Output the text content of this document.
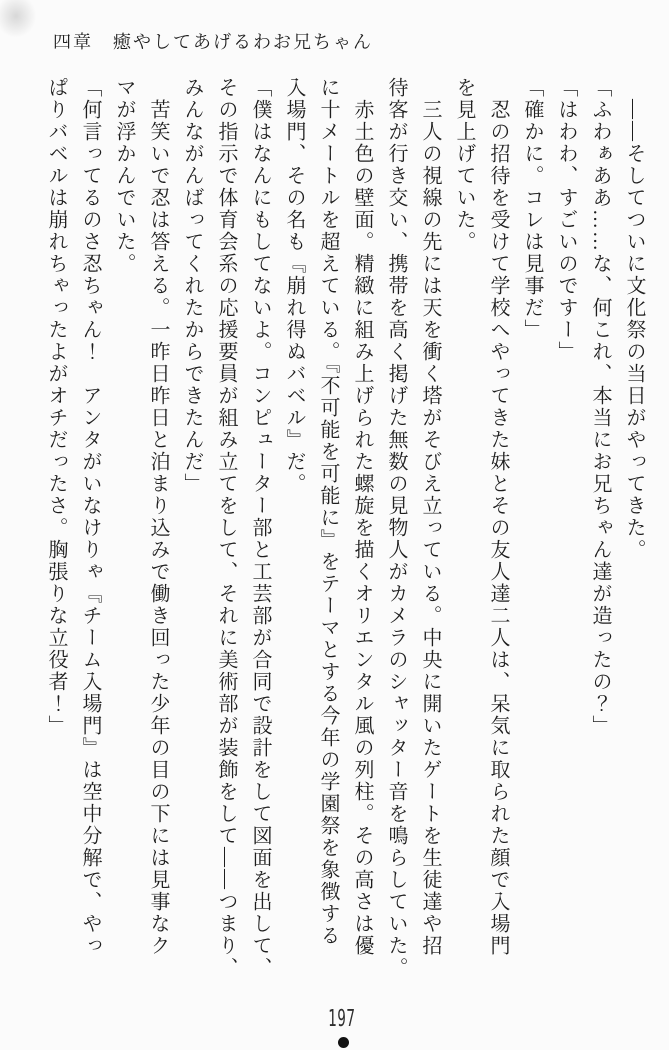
四章　癒やしてあげるわお兄ちゃん
　――そしてついに文化祭の当日がやってきた。
「ふわぁああ……な、何これ、本当にお兄ちゃん達が造ったの？」
「はわわ、すごいのですー」
「確かに。コレは見事だ」
　忍の招待を受けて学校へやってきた妹とその友人達二人は、呆気に取られた顔で入場門
を見上げていた。
　三人の視線の先には天を衝く塔がそびえ立っている。中央に開いたゲートを生徒達や招
待客が行き交い、携帯を高く掲げた無数の見物人がカメラのシャッター音を鳴らしていた。
　赤土色の壁面。精緻に組み上げられた螺旋を描くオリエンタル風の列柱。その高さは優
に十メートルを超えている。『不可能を可能に』をテーマとする今年の学園祭を象徴する
入場門、その名も『崩れ得ぬバベル』だ。
「僕はなんにもしてないよ。コンピューター部と工芸部が合同で設計をして図面を出して、
その指示で体育会系の応援要員が組み立てをして、それに美術部が装飾をして――つまり、
みんながんばってくれたからできたんだ」
　苦笑いで忍は答える。一昨日昨日と泊まり込みで働き回った少年の目の下には見事なク
マが浮かんでいた。
「何言ってるのさ忍ちゃん！　アンタがいなけりゃ『チーム入場門』は空中分解で、やっ
ぱりバベルは崩れちゃったよがオチだったさ。胸張りな立役者！」
197
